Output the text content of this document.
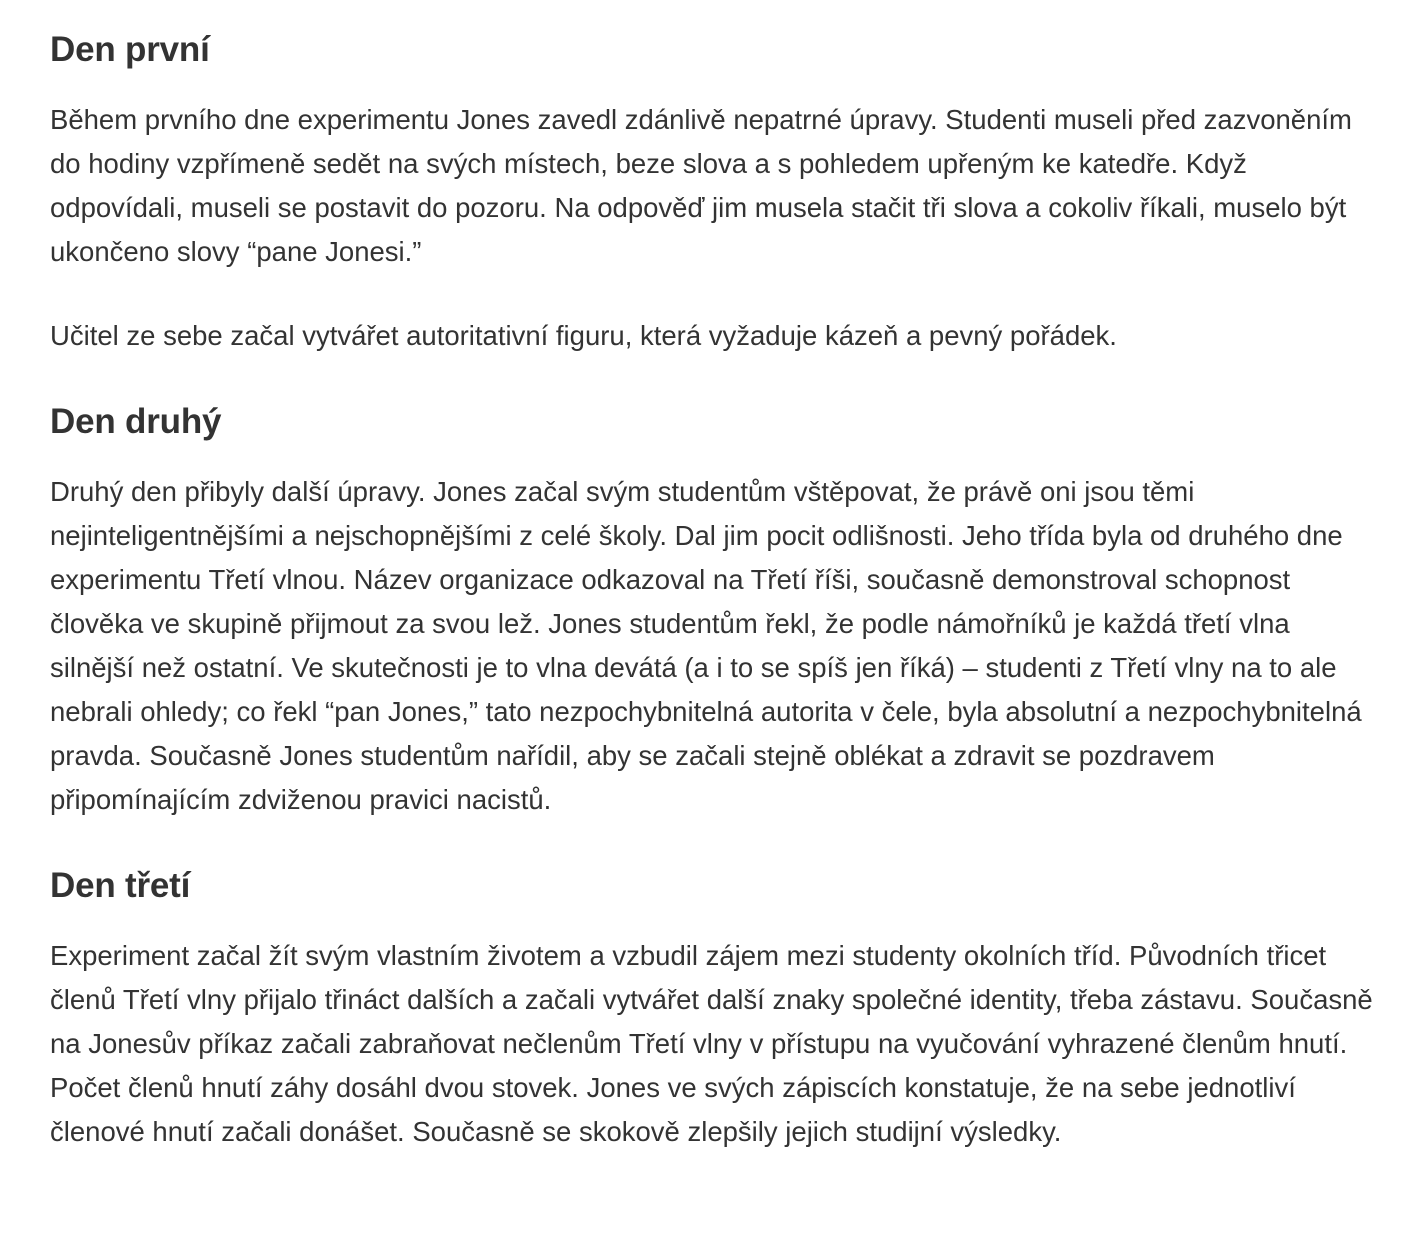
Den první

Během prvního dne experimentu Jones zavedl zdánlivě nepatrné úpravy. Studenti museli před zazvoněním do hodiny vzpřímeně sedět na svých místech, beze slova a s pohledem upřeným ke katedře. Když odpovídali, museli se postavit do pozoru. Na odpověď jim musela stačit tři slova a cokoliv říkali, muselo být ukončeno slovy “pane Jonesi.”

Učitel ze sebe začal vytvářet autoritativní figuru, která vyžaduje kázeň a pevný pořádek.

Den druhý

Druhý den přibyly další úpravy. Jones začal svým studentům vštěpovat, že právě oni jsou těmi nejinteligentnějšími a nejschopnějšími z celé školy. Dal jim pocit odlišnosti. Jeho třída byla od druhého dne experimentu Třetí vlnou. Název organizace odkazoval na Třetí říši, současně demonstroval schopnost člověka ve skupině přijmout za svou lež. Jones studentům řekl, že podle námořníků je každá třetí vlna silnější než ostatní. Ve skutečnosti je to vlna devátá (a i to se spíš jen říká) – studenti z Třetí vlny na to ale nebrali ohledy; co řekl “pan Jones,” tato nezpochybnitelná autorita v čele, byla absolutní a nezpochybnitelná pravda. Současně Jones studentům nařídil, aby se začali stejně oblékat a zdravit se pozdravem připomínajícím zdviženou pravici nacistů.

Den třetí

Experiment začal žít svým vlastním životem a vzbudil zájem mezi studenty okolních tříd. Původních třicet členů Třetí vlny přijalo třináct dalších a začali vytvářet další znaky společné identity, třeba zástavu. Současně na Jonesův příkaz začali zabraňovat nečlenům Třetí vlny v přístupu na vyučování vyhrazené členům hnutí. Počet členů hnutí záhy dosáhl dvou stovek. Jones ve svých zápiscích konstatuje, že na sebe jednotliví členové hnutí začali donášet. Současně se skokově zlepšily jejich studijní výsledky.
